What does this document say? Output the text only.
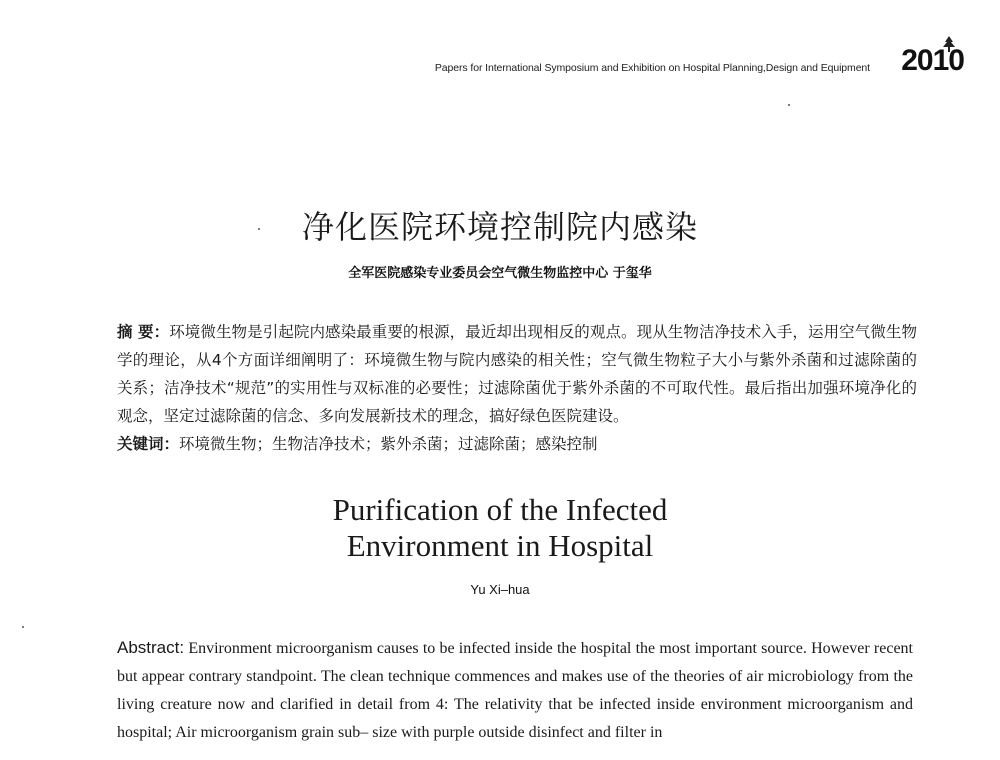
Papers for International Symposium and Exhibition on Hospital Planning,Design and Equipment 2010
净化医院环境控制院内感染
全军医院感染专业委员会空气微生物监控中心 于玺华

摘 要：环境微生物是引起院内感染最重要的根源，最近却出现相反的观点。现从生物洁净技术入手，运用空气微生物学的理论，从4个方面详细阐明了：环境微生物与院内感染的相关性；空气微生物粒子大小与紫外杀菌和过滤除菌的关系；洁净技术“规范”的实用性与双标准的必要性；过滤除菌优于紫外杀菌的不可取代性。最后指出加强环境净化的观念，坚定过滤除菌的信念、多向发展新技术的理念，搞好绿色医院建设。

关键词：环境微生物；生物洁净技术；紫外杀菌；过滤除菌；感染控制
Purification of the Infected
Environment in Hospital
Yu Xi–hua

Abstract: Environment microorganism causes to be infected inside the hospital the most important source. However recent but appear contrary standpoint. The clean technique commences and makes use of the theories of air microbiology from the living creature now and clarified in detail from 4: The relativity that be infected inside environment microorganism and hospital; Air microorganism grain sub– size with purple outside disinfect and filter in
